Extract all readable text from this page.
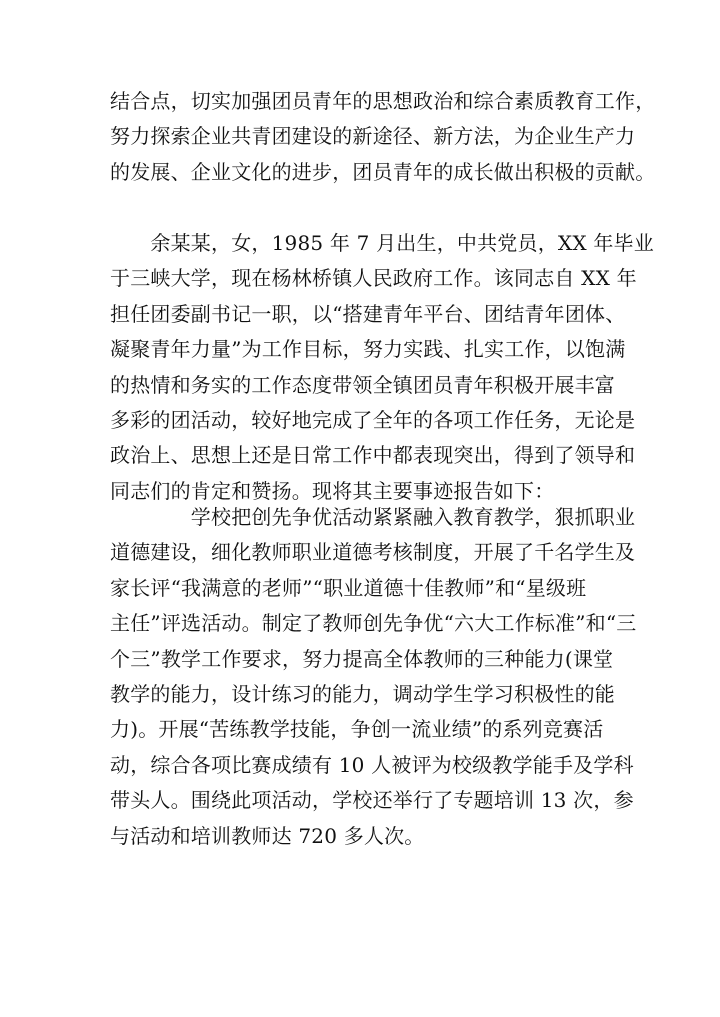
结合点，切实加强团员青年的思想政治和综合素质教育工作，
努力探索企业共青团建设的新途径、新方法，为企业生产力
的发展、企业文化的进步，团员青年的成长做出积极的贡献。
　　余某某，女，1985 年 7 月出生，中共党员，XX 年毕业
于三峡大学，现在杨林桥镇人民政府工作。该同志自 XX 年
担任团委副书记一职，以“搭建青年平台、团结青年团体、
凝聚青年力量”为工作目标，努力实践、扎实工作，以饱满
的热情和务实的工作态度带领全镇团员青年积极开展丰富
多彩的团活动，较好地完成了全年的各项工作任务，无论是
政治上、思想上还是日常工作中都表现突出，得到了领导和
同志们的肯定和赞扬。现将其主要事迹报告如下：
　　　　学校把创先争优活动紧紧融入教育教学，狠抓职业
道德建设，细化教师职业道德考核制度，开展了千名学生及
家长评“我满意的老师”“职业道德十佳教师”和“星级班
主任”评选活动。制定了教师创先争优“六大工作标准”和“三
个三”教学工作要求，努力提高全体教师的三种能力(课堂
教学的能力，设计练习的能力，调动学生学习积极性的能
力)。开展“苦练教学技能，争创一流业绩”的系列竞赛活
动，综合各项比赛成绩有 10 人被评为校级教学能手及学科
带头人。围绕此项活动，学校还举行了专题培训 13 次，参
与活动和培训教师达 720 多人次。
